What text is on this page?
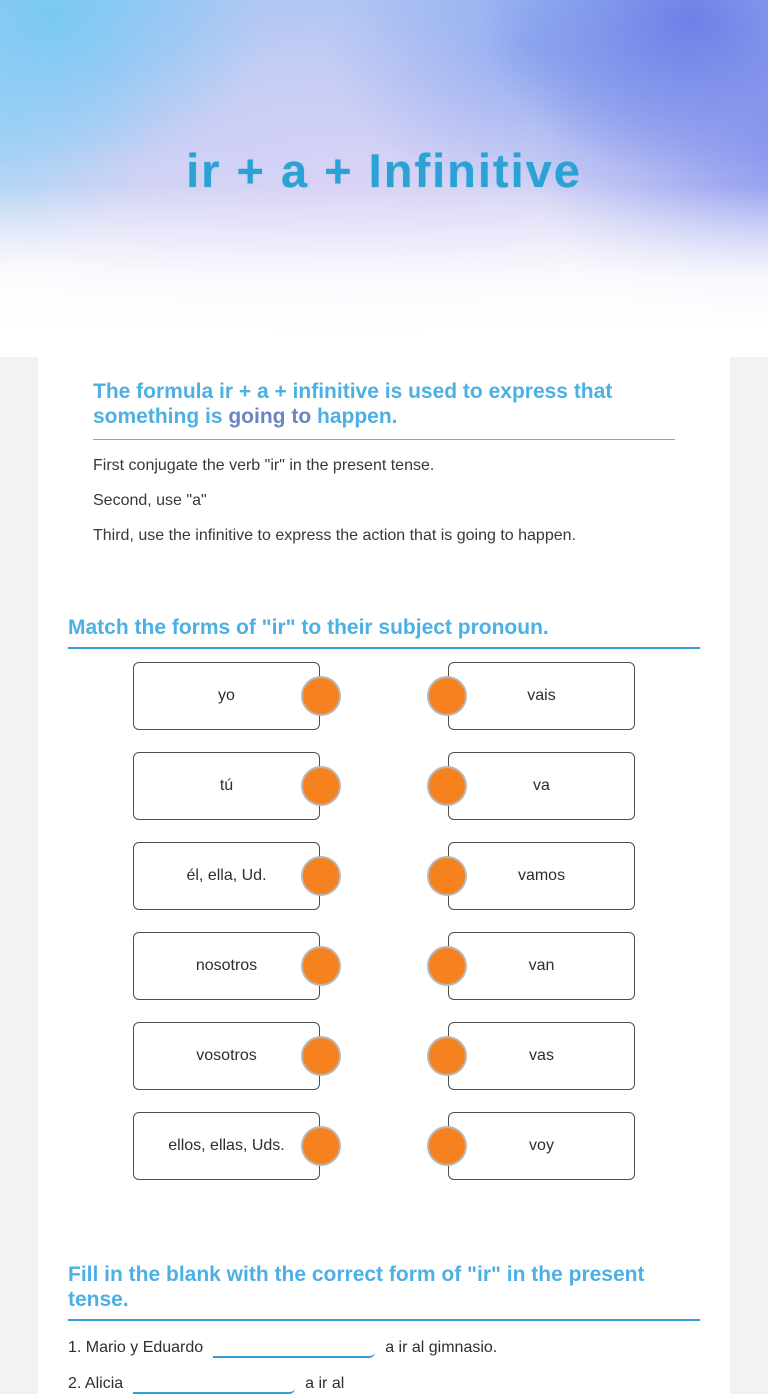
ir + a + Infinitive
The formula ir + a + infinitive is used to express that something is going to happen.

First conjugate the verb "ir" in the present tense.

Second, use "a"

Third, use the infinitive to express the action that is going to happen.

Match the forms of "ir" to their subject pronoun.
yo	vais
tú	va
él, ella, Ud.	vamos
nosotros	van
vosotros	vas
ellos, ellas, Uds.	voy
Fill in the blank with the correct form of "ir" in the present tense.
1. Mario y Eduardo	a ir al gimnasio.
2. Alicia	a ir al
